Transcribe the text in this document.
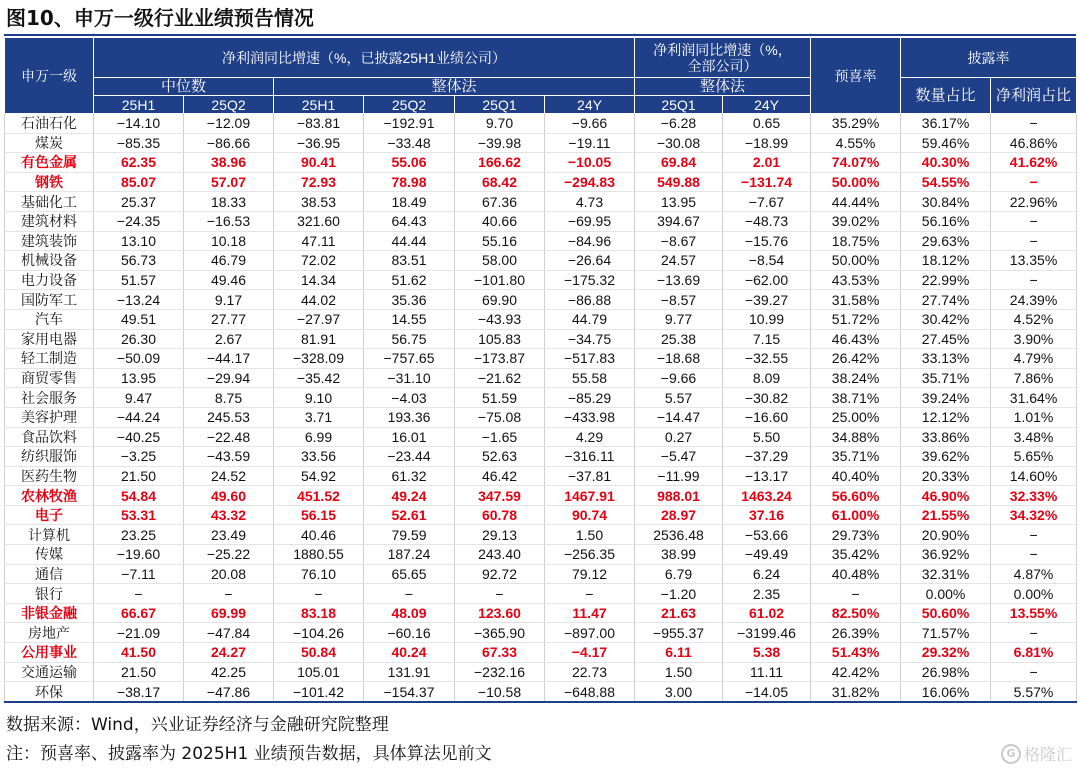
图10、申万一级行业业绩预告情况
申万一级	净利润同比增速（%，已披露25H1业绩公司）						净利润同比增速（%，
全部公司）		预喜率	披露率	
	中位数		整体法				整体法			数量占比	净利润占比
	25H1	25Q2	25H1	25Q2	25Q1	24Y	25Q1	24Y			
石油石化	−14.10	−12.09	−83.81	−192.91	9.70	−9.66	−6.28	0.65	35.29%	36.17%	−
煤炭	−85.35	−86.66	−36.95	−33.48	−39.98	−19.11	−30.08	−18.99	4.55%	59.46%	46.86%
有色金属	62.35	38.96	90.41	55.06	166.62	−10.05	69.84	2.01	74.07%	40.30%	41.62%
钢铁	85.07	57.07	72.93	78.98	68.42	−294.83	549.88	−131.74	50.00%	54.55%	−
基础化工	25.37	18.33	38.53	18.49	67.36	4.73	13.95	−7.67	44.44%	30.84%	22.96%
建筑材料	−24.35	−16.53	321.60	64.43	40.66	−69.95	394.67	−48.73	39.02%	56.16%	−
建筑装饰	13.10	10.18	47.11	44.44	55.16	−84.96	−8.67	−15.76	18.75%	29.63%	−
机械设备	56.73	46.79	72.02	83.51	58.00	−26.64	24.57	−8.54	50.00%	18.12%	13.35%
电力设备	51.57	49.46	14.34	51.62	−101.80	−175.32	−13.69	−62.00	43.53%	22.99%	−
国防军工	−13.24	9.17	44.02	35.36	69.90	−86.88	−8.57	−39.27	31.58%	27.74%	24.39%
汽车	49.51	27.77	−27.97	14.55	−43.93	44.79	9.77	10.99	51.72%	30.42%	4.52%
家用电器	26.30	2.67	81.91	56.75	105.83	−34.75	25.38	7.15	46.43%	27.45%	3.90%
轻工制造	−50.09	−44.17	−328.09	−757.65	−173.87	−517.83	−18.68	−32.55	26.42%	33.13%	4.79%
商贸零售	13.95	−29.94	−35.42	−31.10	−21.62	55.58	−9.66	8.09	38.24%	35.71%	7.86%
社会服务	9.47	8.75	9.10	−4.03	51.59	−85.29	5.57	−30.82	38.71%	39.24%	31.64%
美容护理	−44.24	245.53	3.71	193.36	−75.08	−433.98	−14.47	−16.60	25.00%	12.12%	1.01%
食品饮料	−40.25	−22.48	6.99	16.01	−1.65	4.29	0.27	5.50	34.88%	33.86%	3.48%
纺织服饰	−3.25	−43.59	33.56	−23.44	52.63	−316.11	−5.47	−37.29	35.71%	39.62%	5.65%
医药生物	21.50	24.52	54.92	61.32	46.42	−37.81	−11.99	−13.17	40.40%	20.33%	14.60%
农林牧渔	54.84	49.60	451.52	49.24	347.59	1467.91	988.01	1463.24	56.60%	46.90%	32.33%
电子	53.31	43.32	56.15	52.61	60.78	90.74	28.97	37.16	61.00%	21.55%	34.32%
计算机	23.25	23.49	40.46	79.59	29.13	1.50	2536.48	−53.66	29.73%	20.90%	−
传媒	−19.60	−25.22	1880.55	187.24	243.40	−256.35	38.99	−49.49	35.42%	36.92%	−
通信	−7.11	20.08	76.10	65.65	92.72	79.12	6.79	6.24	40.48%	32.31%	4.87%
银行	−	−	−	−	−	−	−1.20	2.35	−	0.00%	0.00%
非银金融	66.67	69.99	83.18	48.09	123.60	11.47	21.63	61.02	82.50%	50.60%	13.55%
房地产	−21.09	−47.84	−104.26	−60.16	−365.90	−897.00	−955.37	−3199.46	26.39%	71.57%	−
公用事业	41.50	24.27	50.84	40.24	67.33	−4.17	6.11	5.38	51.43%	29.32%	6.81%
交通运输	21.50	42.25	105.01	131.91	−232.16	22.73	1.50	11.11	42.42%	26.98%	−
环保	−38.17	−47.86	−101.42	−154.37	−10.58	−648.88	3.00	−14.05	31.82%	16.06%	5.57%
数据来源：Wind，兴业证券经济与金融研究院整理
注：预喜率、披露率为 2025H1 业绩预告数据，具体算法见前文	G 格隆汇
